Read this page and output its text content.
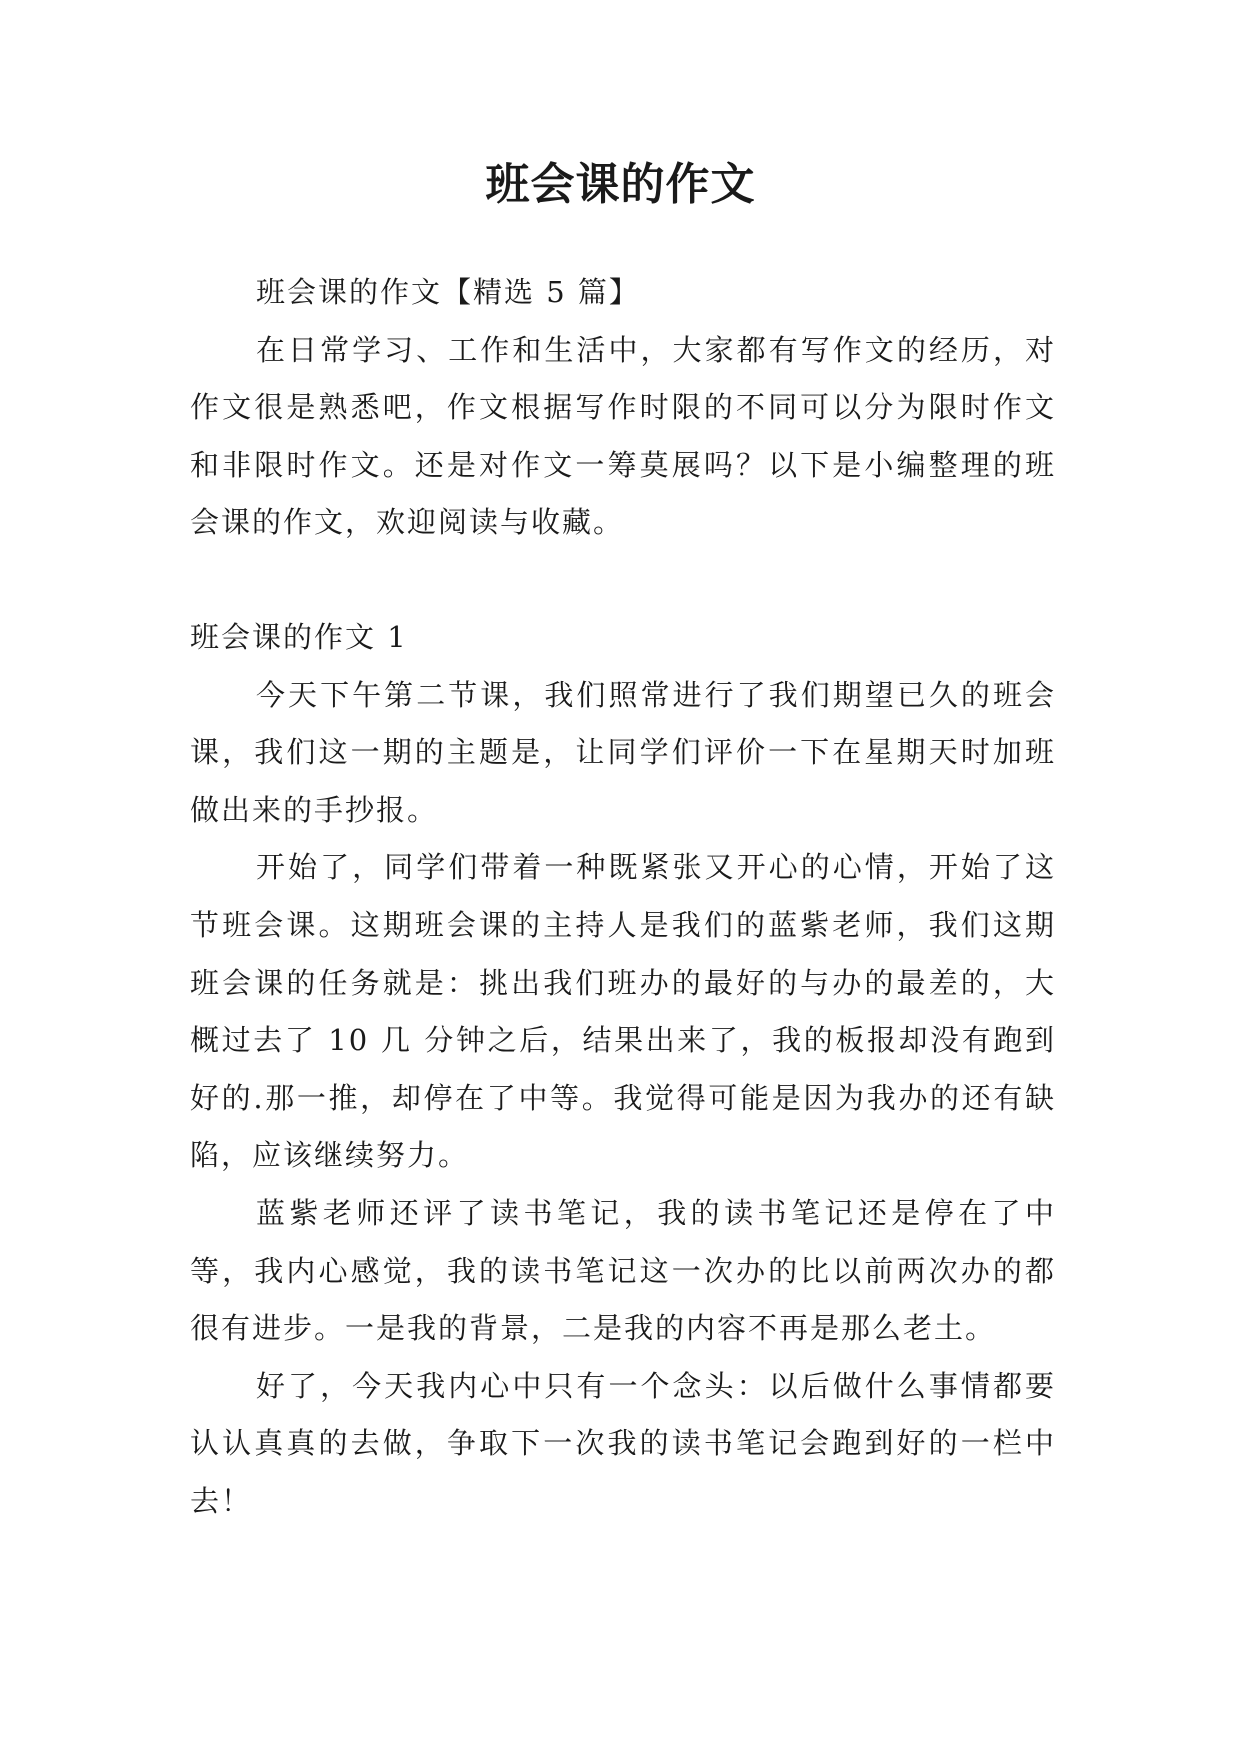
班会课的作文

班会课的作文【精选 5 篇】

在日常学习、工作和生活中，大家都有写作文的经历，对作文很是熟悉吧，作文根据写作时限的不同可以分为限时作文和非限时作文。还是对作文一筹莫展吗？以下是小编整理的班会课的作文，欢迎阅读与收藏。

班会课的作文 1

今天下午第二节课，我们照常进行了我们期望已久的班会课，我们这一期的主题是，让同学们评价一下在星期天时加班做出来的手抄报。

开始了，同学们带着一种既紧张又开心的心情，开始了这节班会课。这期班会课的主持人是我们的蓝紫老师，我们这期班会课的任务就是：挑出我们班办的最好的与办的最差的，大概过去了 10 几 分钟之后，结果出来了，我的板报却没有跑到好的.那一推，却停在了中等。我觉得可能是因为我办的还有缺陷，应该继续努力。

蓝紫老师还评了读书笔记，我的读书笔记还是停在了中等，我内心感觉，我的读书笔记这一次办的比以前两次办的都很有进步。一是我的背景，二是我的内容不再是那么老土。

好了，今天我内心中只有一个念头：以后做什么事情都要认认真真的去做，争取下一次我的读书笔记会跑到好的一栏中去！
